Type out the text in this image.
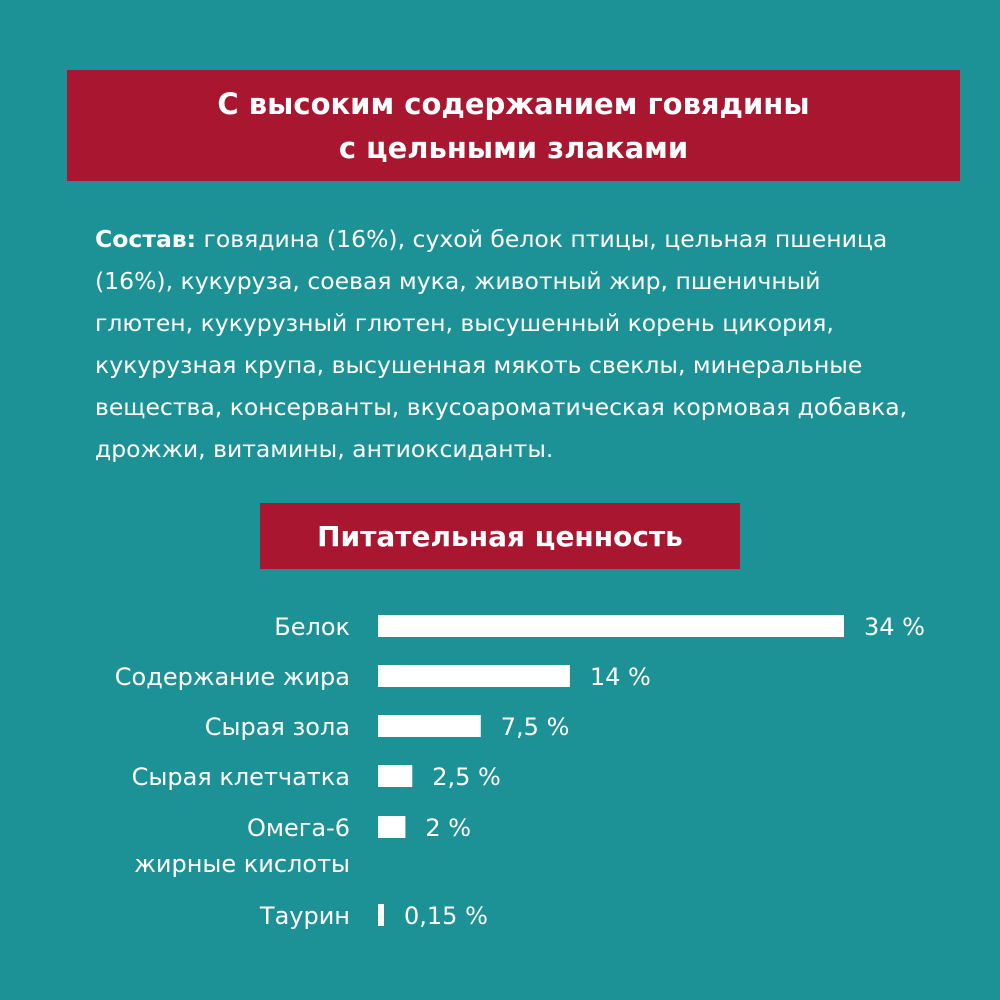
С высоким содержанием говядины
с цельными злаками
Состав: говядина (16%), сухой белок птицы, цельная пшеница (16%), кукуруза, соевая мука, животный жир, пшеничный глютен, кукурузный глютен, высушенный корень цикория, кукурузная крупа, высушенная мякоть свеклы, минеральные вещества, консерванты, вкусоароматическая кормовая добавка, дрожжи, витамины, антиоксиданты.
Питательная ценность
34 %
Белок
14 %
Содержание жира
7,5 %
Сырая зола
2,5 %
Сырая клетчатка
2 %
Омега-6
жирные кислоты
0,15 %
Таурин
